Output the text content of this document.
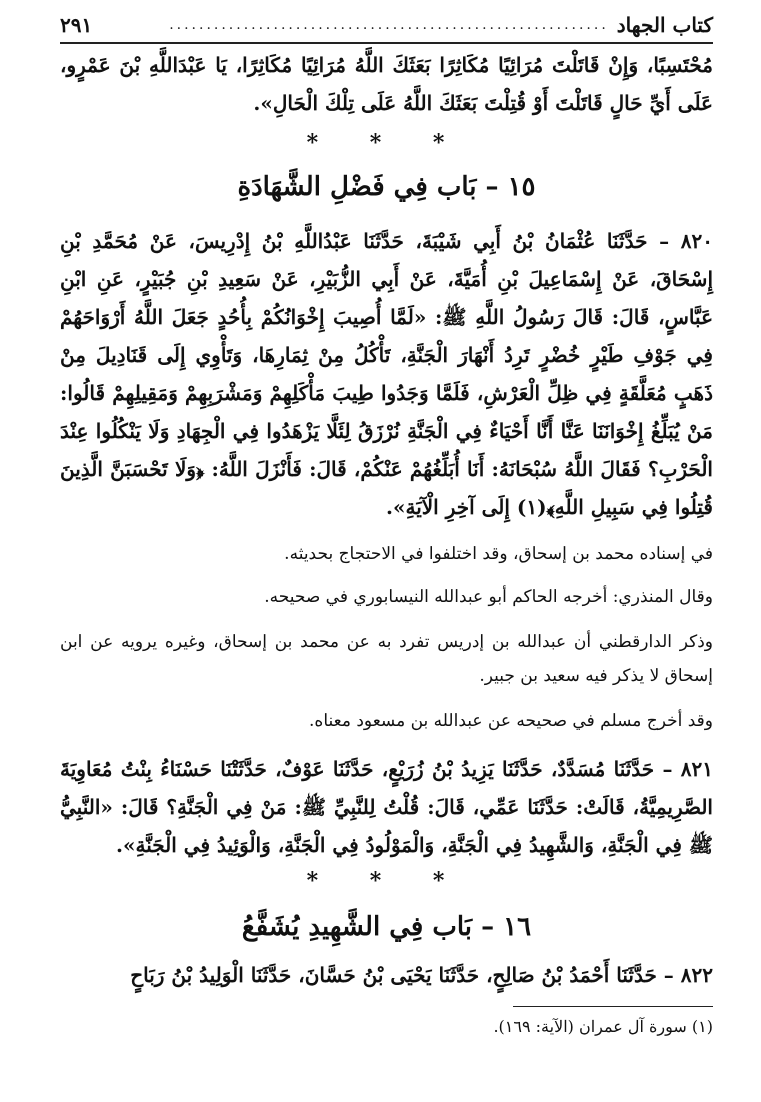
كتاب الجهاد
...........................................................
٢٩١
مُحْتَسِبًا، وَإِنْ قَاتَلْتَ مُرَائِيًا مُكَاثِرًا بَعَثَكَ اللَّهُ مُرَائِيًا مُكَاثِرًا، يَا عَبْدَاللَّهِ بْنَ عَمْرٍو، عَلَى أَيِّ حَالٍ قَاتَلْتَ أَوْ قُتِلْتَ بَعَثَكَ اللَّهُ عَلَى تِلْكَ الْحَالِ».
* * *
١٥ – بَاب فِي فَضْلِ الشَّهَادَةِ
٨٢٠ – حَدَّثَنَا عُثْمَانُ بْنُ أَبِي شَيْبَةَ، حَدَّثَنَا عَبْدُاللَّهِ بْنُ إِدْرِيسَ، عَنْ مُحَمَّدِ بْنِ إِسْحَاقَ، عَنْ إِسْمَاعِيلَ بْنِ أُمَيَّةَ، عَنْ أَبِي الزُّبَيْرِ، عَنْ سَعِيدِ بْنِ جُبَيْرٍ، عَنِ ابْنِ عَبَّاسٍ، قَالَ: قَالَ رَسُولُ اللَّهِ ﷺ: «لَمَّا أُصِيبَ إِخْوَانُكُمْ بِأُحُدٍ جَعَلَ اللَّهُ أَرْوَاحَهُمْ فِي جَوْفِ طَيْرٍ خُضْرٍ تَرِدُ أَنْهَارَ الْجَنَّةِ، تَأْكُلُ مِنْ ثِمَارِهَا، وَتَأْوِي إِلَى قَنَادِيلَ مِنْ ذَهَبٍ مُعَلَّقَةٍ فِي ظِلِّ الْعَرْشِ، فَلَمَّا وَجَدُوا طِيبَ مَأْكَلِهِمْ وَمَشْرَبِهِمْ وَمَقِيلِهِمْ قَالُوا: مَنْ يُبَلِّغُ إِخْوَانَنَا عَنَّا أَنَّا أَحْيَاءٌ فِي الْجَنَّةِ نُرْزَقُ لِئَلَّا يَزْهَدُوا فِي الْجِهَادِ وَلَا يَنْكُلُوا عِنْدَ الْحَرْبِ؟ فَقَالَ اللَّهُ سُبْحَانَهُ: أَنَا أُبَلِّغُهُمْ عَنْكُمْ، قَالَ: فَأَنْزَلَ اللَّهُ: ﴿وَلَا تَحْسَبَنَّ الَّذِينَ قُتِلُوا فِي سَبِيلِ اللَّهِ﴾(١) إِلَى آخِرِ الْآيَةِ».
في إسناده محمد بن إسحاق، وقد اختلفوا في الاحتجاج بحديثه.
وقال المنذري: أخرجه الحاكم أبو عبدالله النيسابوري في صحيحه.
وذكر الدارقطني أن عبدالله بن إدريس تفرد به عن محمد بن إسحاق، وغيره يرويه عن ابن إسحاق لا يذكر فيه سعيد بن جبير.
وقد أخرج مسلم في صحيحه عن عبدالله بن مسعود معناه.
٨٢١ – حَدَّثَنَا مُسَدَّدٌ، حَدَّثَنَا يَزِيدُ بْنُ زُرَيْعٍ، حَدَّثَنَا عَوْفٌ، حَدَّثَتْنَا حَسْنَاءُ بِنْتُ مُعَاوِيَةَ الصَّرِيمِيَّةُ، قَالَتْ: حَدَّثَنَا عَمِّي، قَالَ: قُلْتُ لِلنَّبِيِّ ﷺ: مَنْ فِي الْجَنَّةِ؟ قَالَ: «النَّبِيُّ ﷺ فِي الْجَنَّةِ، وَالشَّهِيدُ فِي الْجَنَّةِ، وَالْمَوْلُودُ فِي الْجَنَّةِ، وَالْوَئِيدُ فِي الْجَنَّةِ».
* * *
١٦ – بَاب فِي الشَّهِيدِ يُشَفَّعُ
٨٢٢ – حَدَّثَنَا أَحْمَدُ بْنُ صَالِحٍ، حَدَّثَنَا يَحْيَى بْنُ حَسَّانَ، حَدَّثَنَا الْوَلِيدُ بْنُ رَبَاحٍ
(١) سورة آل عمران (الآية: ١٦٩).
